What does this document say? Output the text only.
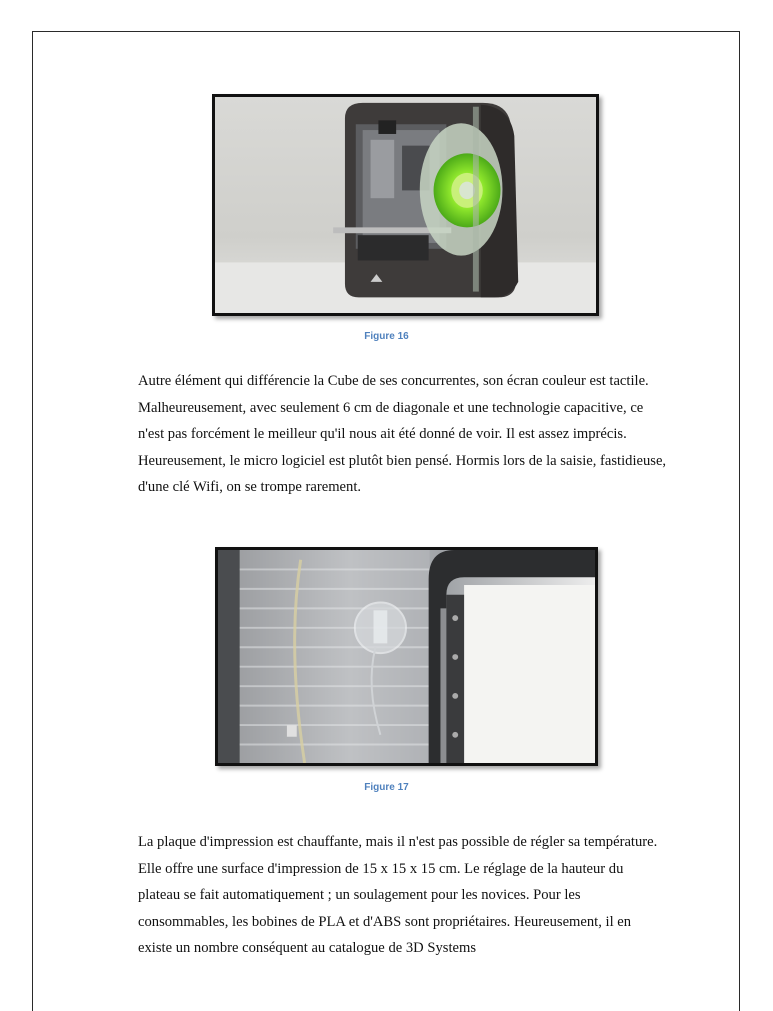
Figure 16

Autre élément qui différencie la Cube de ses concurrentes, son écran couleur est tactile. Malheureusement, avec seulement 6 cm de diagonale et une technologie capacitive, ce n'est pas forcément le meilleur qu'il nous ait été donné de voir. Il est assez imprécis. Heureusement, le micro logiciel est plutôt bien pensé. Hormis lors de la saisie, fastidieuse, d'une clé Wifi, on se trompe rarement.

Figure 17

La plaque d'impression est chauffante, mais il n'est pas possible de régler sa température. Elle offre une surface d'impression de 15 x 15 x 15 cm. Le réglage de la hauteur du plateau se fait automatiquement ; un soulagement pour les novices. Pour les consommables, les bobines de PLA et d'ABS sont propriétaires. Heureusement, il en existe un nombre conséquent au catalogue de 3D Systems
